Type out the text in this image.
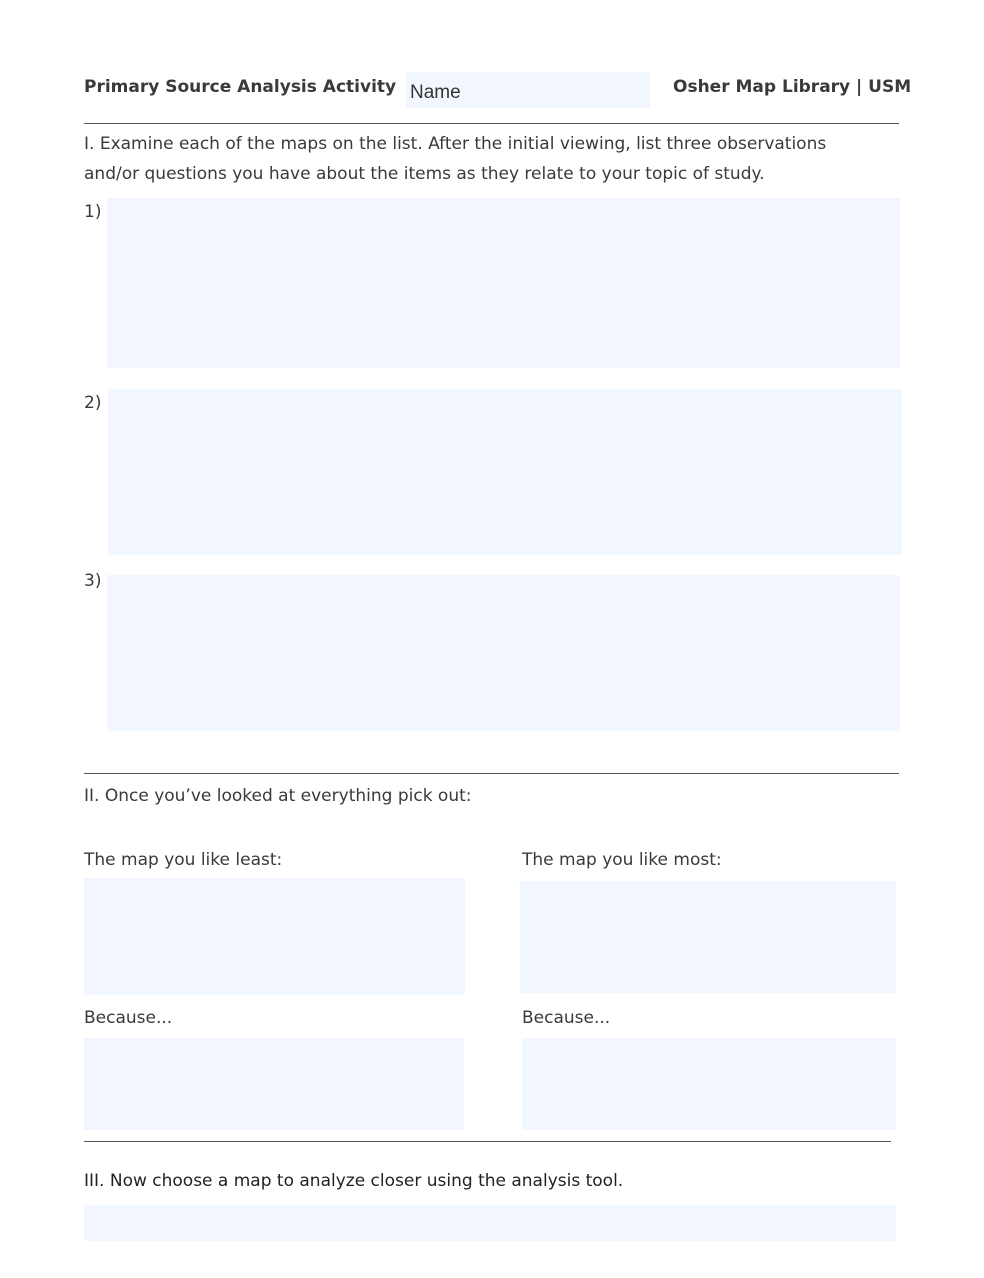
Primary Source Analysis Activity
Name	Osher Map Library | USM
I. Examine each of the maps on the list. After the initial viewing, list three observations and/or questions you have about the items as they relate to your topic of study.
1)
2)
3)
II. Once you’ve looked at everything pick out:
The map you like least:	The map you like most:
Because...	Because...
III. Now choose a map to analyze closer using the analysis tool.
